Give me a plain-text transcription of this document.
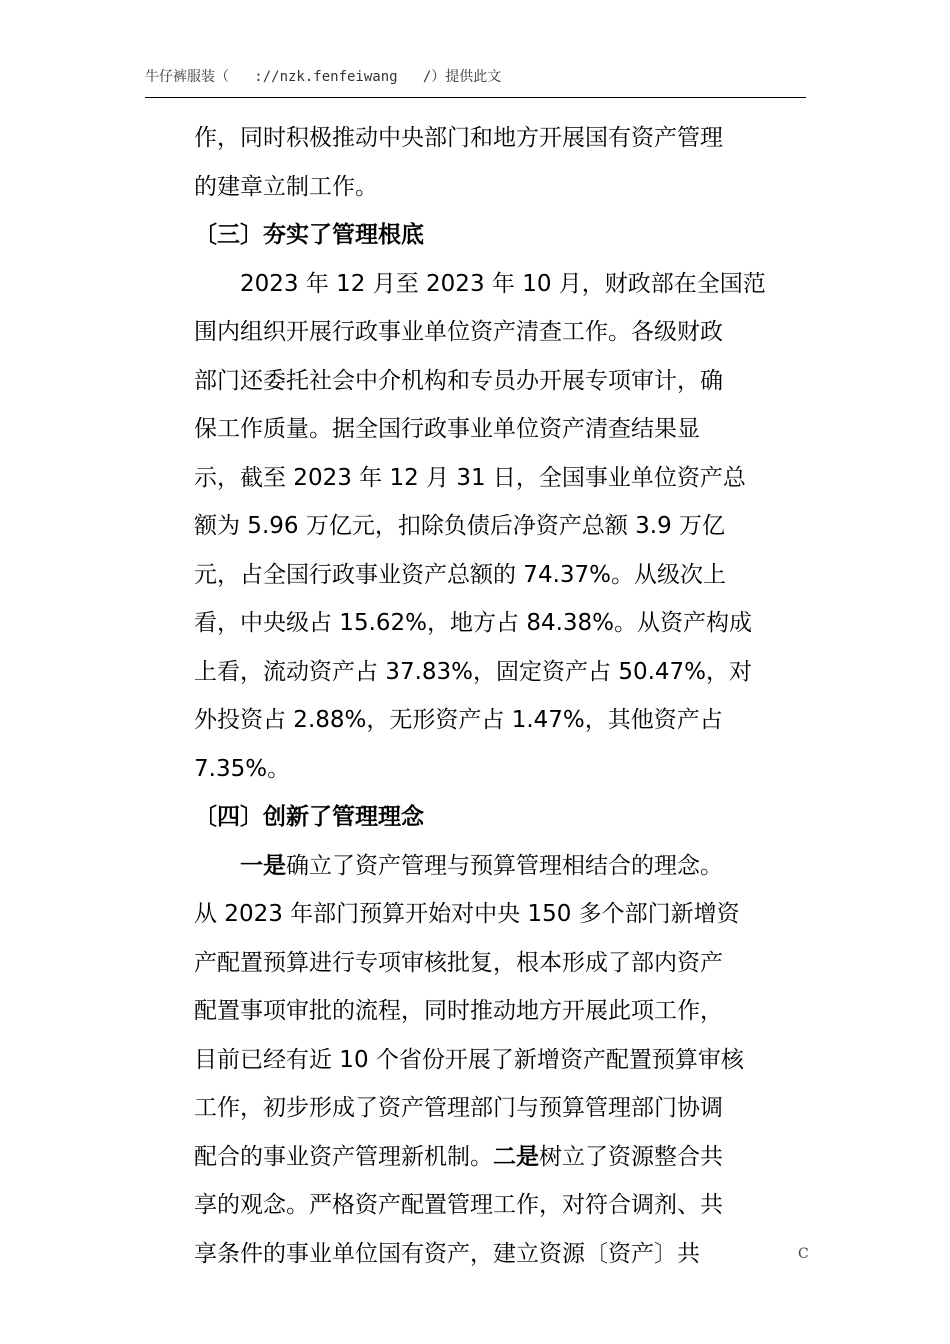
牛仔裤服装（   ://nzk.fenfeiwang   /）提供此文

作，同时积极推动中央部门和地方开展国有资产管理
的建章立制工作。

〔三〕夯实了管理根底

2023 年 12 月至 2023 年 10 月，财政部在全国范
围内组织开展行政事业单位资产清查工作。各级财政
部门还委托社会中介机构和专员办开展专项审计，确
保工作质量。据全国行政事业单位资产清查结果显
示，截至 2023 年 12 月 31 日，全国事业单位资产总
额为 5.96 万亿元，扣除负债后净资产总额 3.9 万亿
元，占全国行政事业资产总额的 74.37%。从级次上
看，中央级占 15.62%，地方占 84.38%。从资产构成
上看，流动资产占 37.83%，固定资产占 50.47%，对
外投资占 2.88%，无形资产占 1.47%，其他资产占
7.35%。

〔四〕创新了管理理念

一是确立了资产管理与预算管理相结合的理念。
从 2023 年部门预算开始对中央 150 多个部门新增资
产配置预算进行专项审核批复，根本形成了部内资产
配置事项审批的流程，同时推动地方开展此项工作，
目前已经有近 10 个省份开展了新增资产配置预算审核
工作，初步形成了资产管理部门与预算管理部门协调
配合的事业资产管理新机制。二是树立了资源整合共
享的观念。严格资产配置管理工作，对符合调剂、共
享条件的事业单位国有资产，建立资源〔资产〕共	C
